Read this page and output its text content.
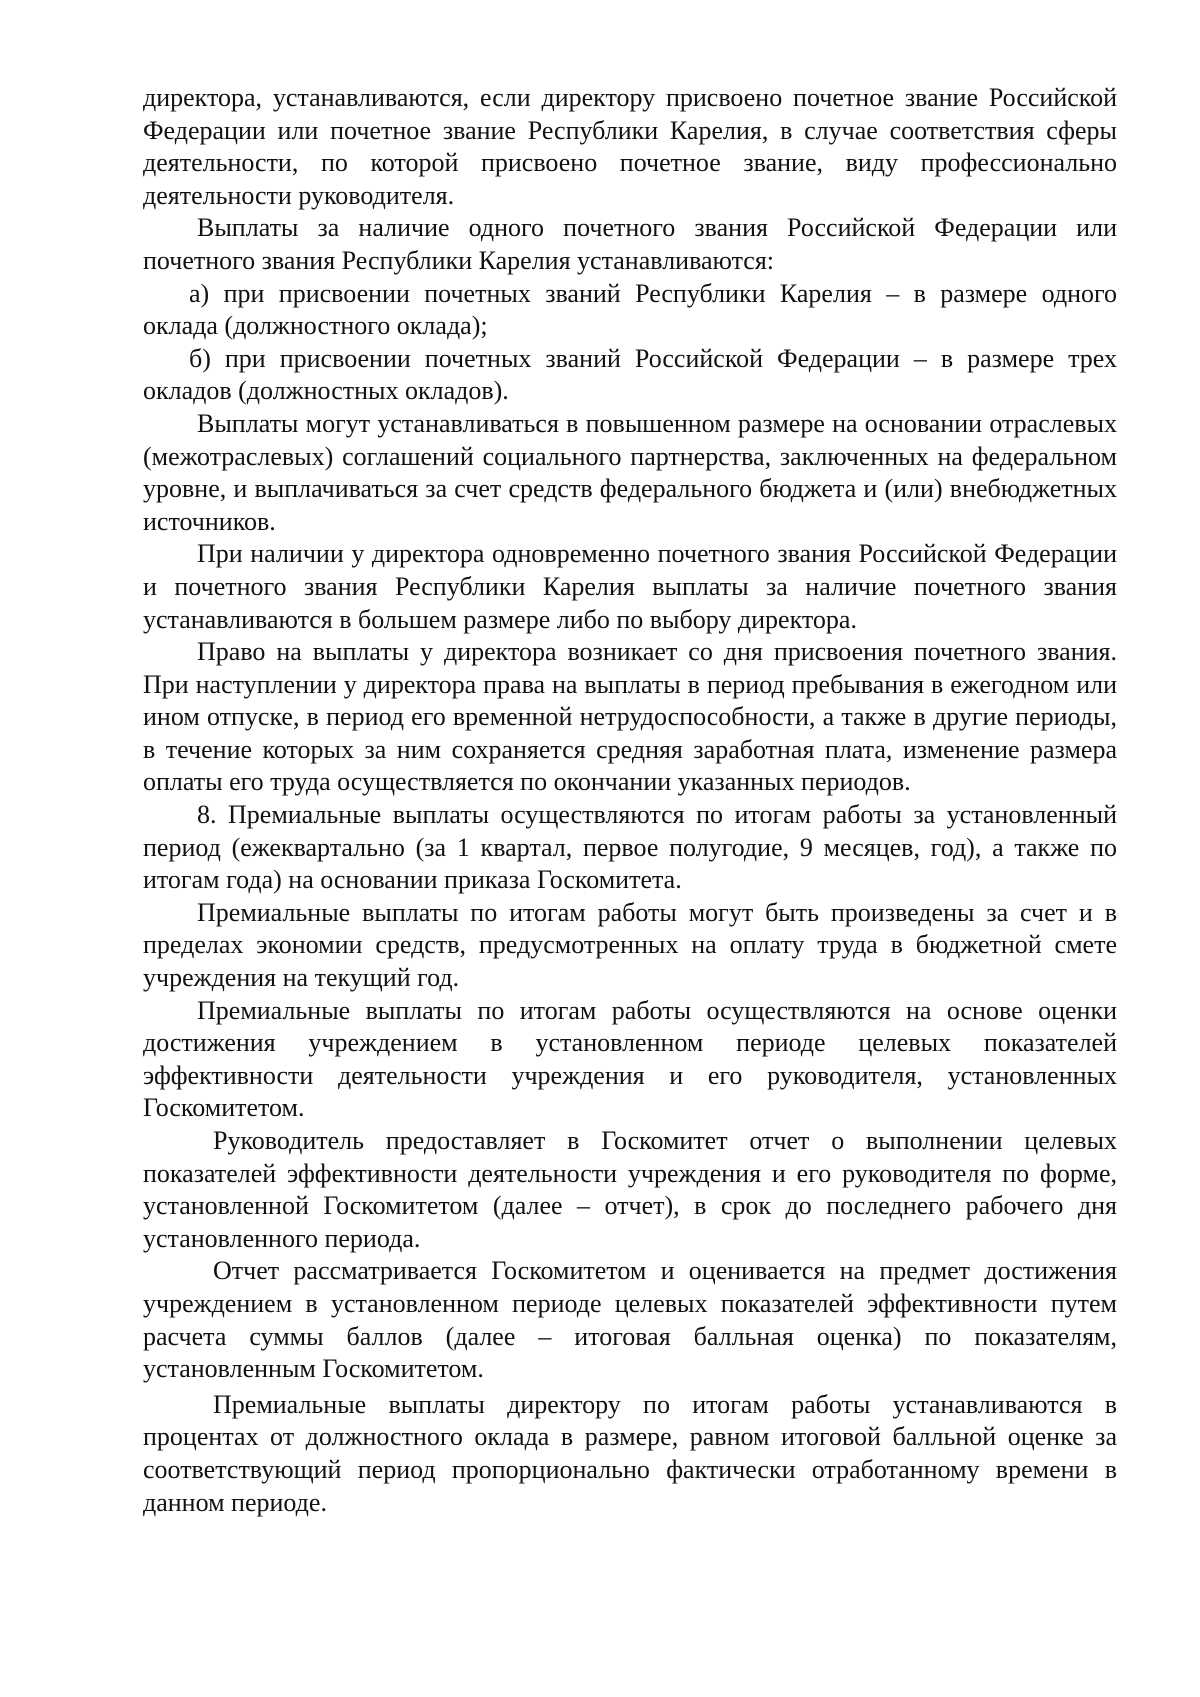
директора, устанавливаются, если директору присвоено почетное звание Российской Федерации или почетное звание Республики Карелия, в случае соответствия сферы деятельности, по которой присвоено почетное звание, виду профессионально деятельности руководителя.

Выплаты за наличие одного почетного звания Российской Федерации или почетного звания Республики Карелия устанавливаются:

а) при присвоении почетных званий Республики Карелия – в размере одного оклада (должностного оклада);

б) при присвоении почетных званий Российской Федерации – в размере трех окладов (должностных окладов).

Выплаты могут устанавливаться в повышенном размере на основании отраслевых (межотраслевых) соглашений социального партнерства, заключенных на федеральном уровне, и выплачиваться за счет средств федерального бюджета и (или) внебюджетных источников.

При наличии у директора одновременно почетного звания Российской Федерации и почетного звания Республики Карелия выплаты за наличие почетного звания устанавливаются в большем размере либо по выбору директора.

Право на выплаты у директора возникает со дня присвоения почетного звания. При наступлении у директора права на выплаты в период пребывания в ежегодном или ином отпуске, в период его временной нетрудоспособности, а также в другие периоды, в течение которых за ним сохраняется средняя заработная плата, изменение размера оплаты его труда осуществляется по окончании указанных периодов.

8. Премиальные выплаты осуществляются по итогам работы за установленный период (ежеквартально (за 1 квартал, первое полугодие, 9 месяцев, год), а также по итогам года) на основании приказа Госкомитета.

Премиальные выплаты по итогам работы могут быть произведены за счет и в пределах экономии средств, предусмотренных на оплату труда в бюджетной смете учреждения на текущий год.

Премиальные выплаты по итогам работы осуществляются на основе оценки достижения учреждением в установленном периоде целевых показателей эффективности деятельности учреждения и его руководителя, установленных Госкомитетом.

Руководитель предоставляет в Госкомитет отчет о выполнении целевых показателей эффективности деятельности учреждения и его руководителя по форме, установленной Госкомитетом (далее – отчет), в срок до последнего рабочего дня установленного периода.

Отчет рассматривается Госкомитетом и оценивается на предмет достижения учреждением в установленном периоде целевых показателей эффективности путем расчета суммы баллов (далее – итоговая балльная оценка) по показателям, установленным Госкомитетом.

Премиальные выплаты директору по итогам работы устанавливаются в процентах от должностного оклада в размере, равном итоговой балльной оценке за соответствующий период пропорционально фактически отработанному времени в данном периоде.
